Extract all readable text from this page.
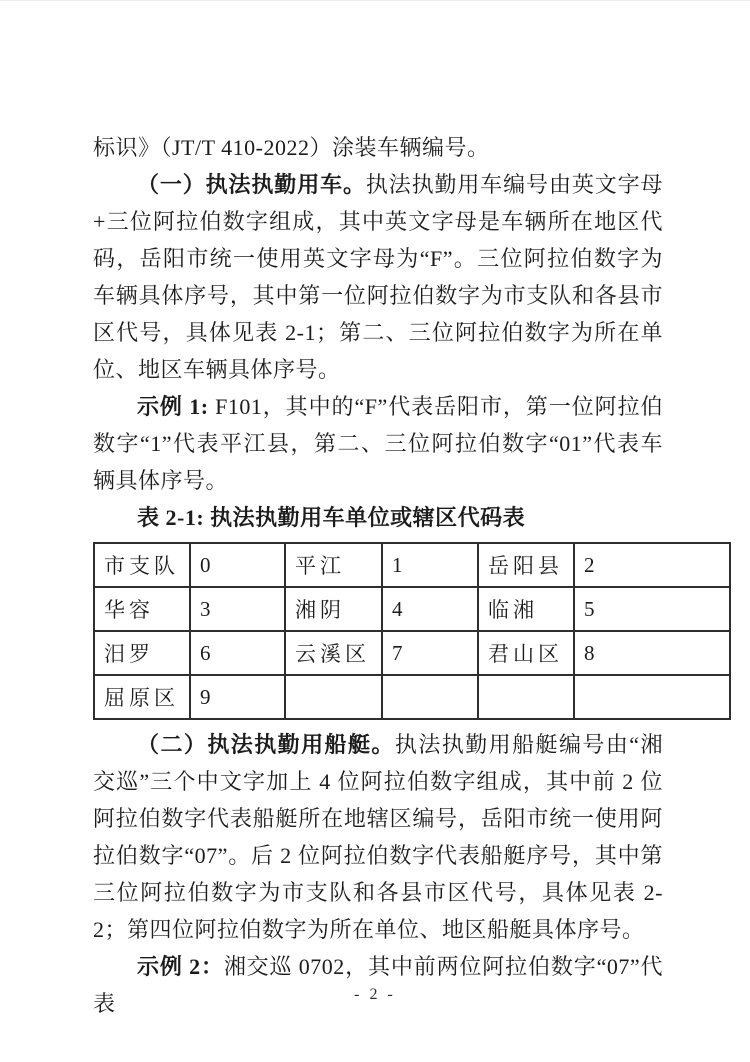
标识》（JT/T 410-2022）涂装车辆编号。

（一）执法执勤用车。执法执勤用车编号由英文字母+三位阿拉伯数字组成，其中英文字母是车辆所在地区代码，岳阳市统一使用英文字母为“F”。三位阿拉伯数字为车辆具体序号，其中第一位阿拉伯数字为市支队和各县市区代号，具体见表 2-1；第二、三位阿拉伯数字为所在单位、地区车辆具体序号。

示例 1: F101，其中的“F”代表岳阳市，第一位阿拉伯数字“1”代表平江县，第二、三位阿拉伯数字“01”代表车辆具体序号。

表 2-1: 执法执勤用车单位或辖区代码表

市支队	0	平江	1	岳阳县	2
华容	3	湘阴	4	临湘	5
汨罗	6	云溪区	7	君山区	8
屈原区	9				

（二）执法执勤用船艇。执法执勤用船艇编号由“湘交巡”三个中文字加上 4 位阿拉伯数字组成，其中前 2 位阿拉伯数字代表船艇所在地辖区编号，岳阳市统一使用阿拉伯数字“07”。后 2 位阿拉伯数字代表船艇序号，其中第三位阿拉伯数字为市支队和各县市区代号，具体见表 2-2；第四位阿拉伯数字为所在单位、地区船艇具体序号。

示例 2：湘交巡 0702，其中前两位阿拉伯数字“07”代表	- 2 -
